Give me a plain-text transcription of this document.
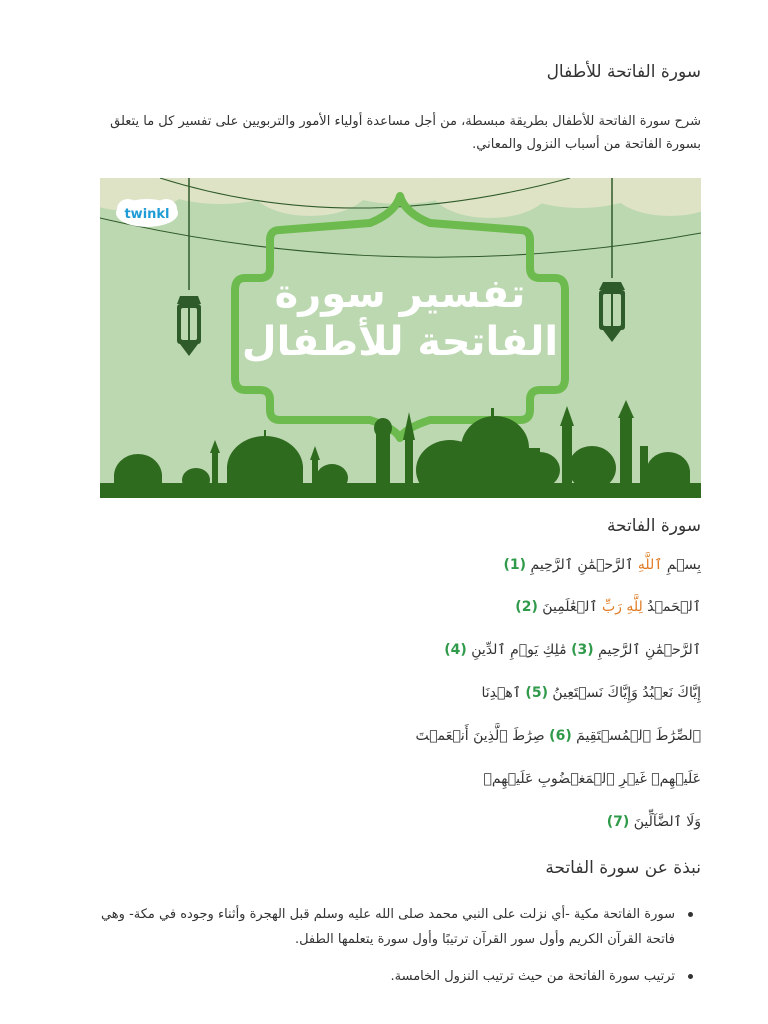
سورة الفاتحة للأطفال

شرح سورة الفاتحة للأطفال بطريقة مبسطة، من أجل مساعدة أولياء الأمور والتربويين على تفسير كل ما يتعلق بسورة الفاتحة من أسباب النزول والمعاني.

twinkl
تفسير سورة
الفاتحة للأطفال
سورة الفاتحة
بِسۡمِ ٱللَّهِ ٱلرَّحۡمَٰنِ ٱلرَّحِيمِ (1)
ٱلۡحَمۡدُ لِلَّهِ رَبِّ ٱلۡعَٰلَمِينَ (2)
ٱلرَّحۡمَٰنِ ٱلرَّحِيمِ (3) مَٰلِكِ يَوۡمِ ٱلدِّينِ (4)
إِيَّاكَ نَعۡبُدُ وَإِيَّاكَ نَسۡتَعِينُ (5) ٱهۡدِنَا
ٱلصِّرَٰطَ ٱلۡمُسۡتَقِيمَ (6) صِرَٰطَ ٱلَّذِينَ أَنۡعَمۡتَ
عَلَيۡهِمۡ غَيۡرِ ٱلۡمَغۡضُوبِ عَلَيۡهِمۡ
وَلَا ٱلضَّآلِّينَ (7)
نبذة عن سورة الفاتحة
سورة الفاتحة مكية -أي نزلت على النبي محمد صلى الله عليه وسلم قبل الهجرة وأثناء وجوده في مكة- وهي فاتحة القرآن الكريم وأول سور القرآن ترتيبًا وأول سورة يتعلمها الطفل.
ترتيب سورة الفاتحة من حيث ترتيب النزول الخامسة.
